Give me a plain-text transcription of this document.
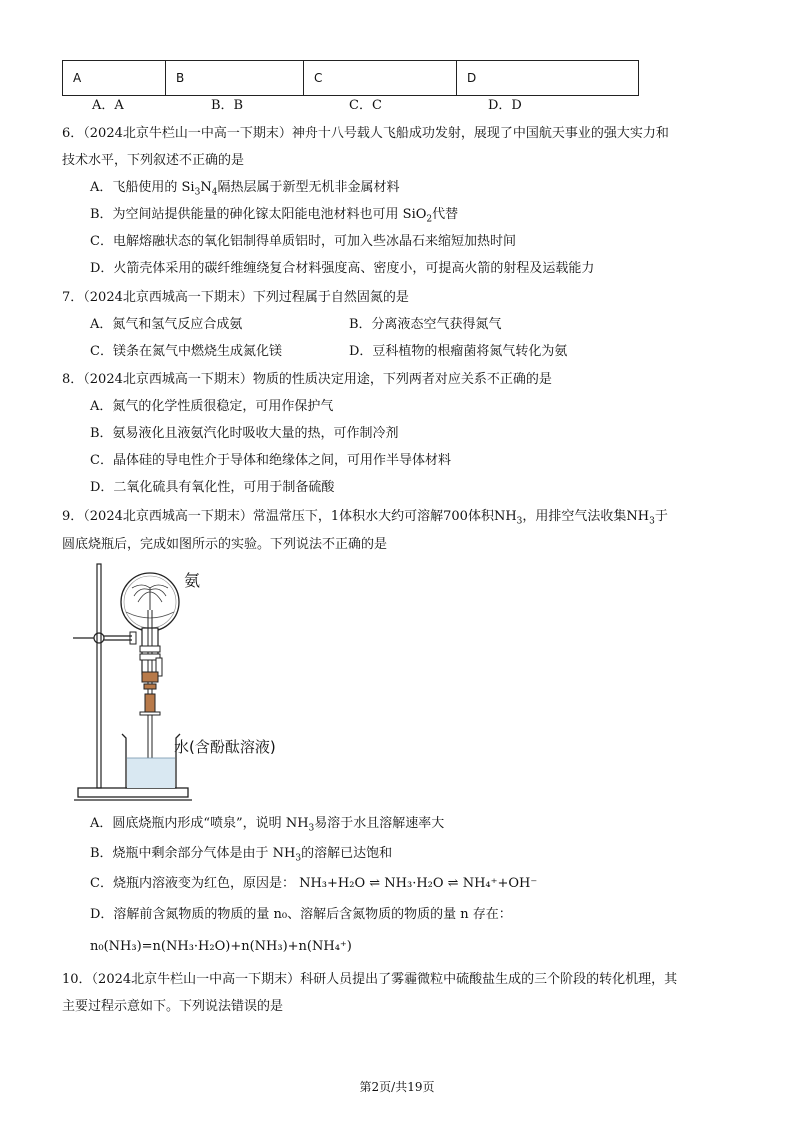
A	B	C	D
A．A	B．B	C．C	D．D
6．（2024北京牛栏山一中高一下期末）神舟十八号载人飞船成功发射，展现了中国航天事业的强大实力和
技术水平，下列叙述不正确的是
A．飞船使用的 $Si_3N_4$隔热层属于新型无机非金属材料
B．为空间站提供能量的砷化镓太阳能电池材料也可用 SiO$_2$代替
C．电解熔融状态的氧化铝制得单质铝时，可加入些冰晶石来缩短加热时间
D．火箭壳体采用的碳纤维缠绕复合材料强度高、密度小，可提高火箭的射程及运载能力
7．（2024北京西城高一下期末）下列过程属于自然固氮的是
A．氮气和氢气反应合成氨	B．分离液态空气获得氮气
C．镁条在氮气中燃烧生成氮化镁	D．豆科植物的根瘤菌将氮气转化为氨
8．（2024北京西城高一下期末）物质的性质决定用途，下列两者对应关系不正确的是
A．氮气的化学性质很稳定，可用作保护气
B．氨易液化且液氨汽化时吸收大量的热，可作制冷剂
C．晶体硅的导电性介于导体和绝缘体之间，可用作半导体材料
D．二氧化硫具有氧化性，可用于制备硫酸
9．（2024北京西城高一下期末）常温常压下，1体积水大约可溶解700体积$NH_3$，用排空气法收集$NH_3$于
圆底烧瓶后，完成如图所示的实验。下列说法不正确的是
氨
水(含酚酞溶液)
A．圆底烧瓶内形成“喷泉”，说明 $NH_3$易溶于水且溶解速率大
B．烧瓶中剩余部分气体是由于 $NH_3$的溶解已达饱和
C．烧瓶内溶液变为红色，原因是： NH₃+H₂O ⇌ NH₃·H₂O ⇌ NH₄⁺+OH⁻
D．溶解前含氮物质的物质的量 n₀、溶解后含氮物质的物质的量 n 存在：
n₀(NH₃)=n(NH₃·H₂O)+n(NH₃)+n(NH₄⁺)
10．（2024北京牛栏山一中高一下期末）科研人员提出了雾霾微粒中硫酸盐生成的三个阶段的转化机理，其
主要过程示意如下。下列说法错误的是
第2页/共19页
